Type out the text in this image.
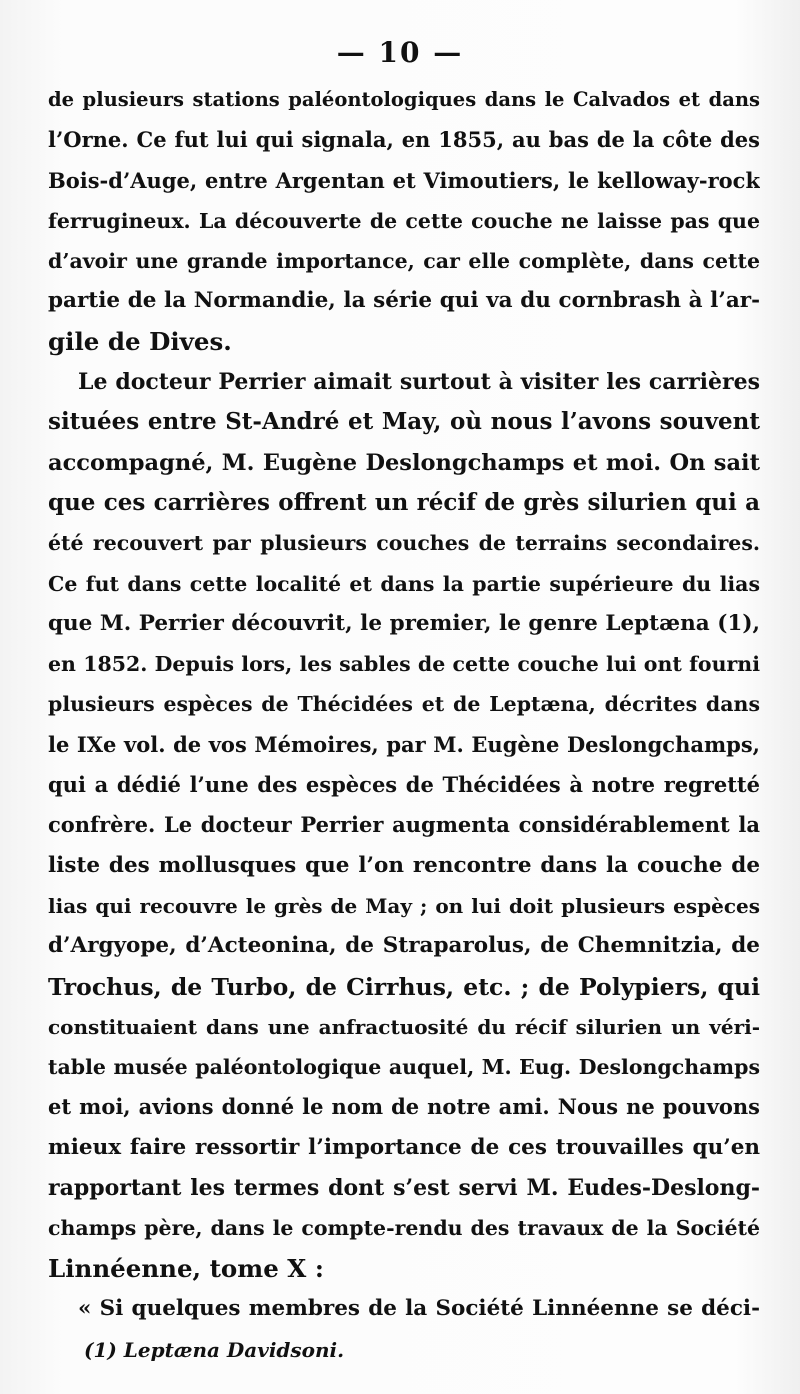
— 10 —
de plusieurs stations paléontologiques dans le Calvados et dans
l’Orne. Ce fut lui qui signala, en 1855, au bas de la côte des
Bois-d’Auge, entre Argentan et Vimoutiers, le kelloway-rock
ferrugineux. La découverte de cette couche ne laisse pas que
d’avoir une grande importance, car elle complète, dans cette
partie de la Normandie, la série qui va du cornbrash à l’ar-
gile de Dives.
Le docteur Perrier aimait surtout à visiter les carrières
situées entre St-André et May, où nous l’avons souvent
accompagné, M. Eugène Deslongchamps et moi. On sait
que ces carrières offrent un récif de grès silurien qui a
été recouvert par plusieurs couches de terrains secondaires.
Ce fut dans cette localité et dans la partie supérieure du lias
que M. Perrier découvrit, le premier, le genre Leptæna (1),
en 1852. Depuis lors, les sables de cette couche lui ont fourni
plusieurs espèces de Thécidées et de Leptæna, décrites dans
le IXe vol. de vos Mémoires, par M. Eugène Deslongchamps,
qui a dédié l’une des espèces de Thécidées à notre regretté
confrère. Le docteur Perrier augmenta considérablement la
liste des mollusques que l’on rencontre dans la couche de
lias qui recouvre le grès de May ; on lui doit plusieurs espèces
d’Argyope, d’Acteonina, de Straparolus, de Chemnitzia, de
Trochus, de Turbo, de Cirrhus, etc. ; de Polypiers, qui
constituaient dans une anfractuosité du récif silurien un véri-
table musée paléontologique auquel, M. Eug. Deslongchamps
et moi, avions donné le nom de notre ami. Nous ne pouvons
mieux faire ressortir l’importance de ces trouvailles qu’en
rapportant les termes dont s’est servi M. Eudes-Deslong-
champs père, dans le compte-rendu des travaux de la Société
Linnéenne, tome X :
« Si quelques membres de la Société Linnéenne se déci-
(1) Leptæna Davidsoni.
